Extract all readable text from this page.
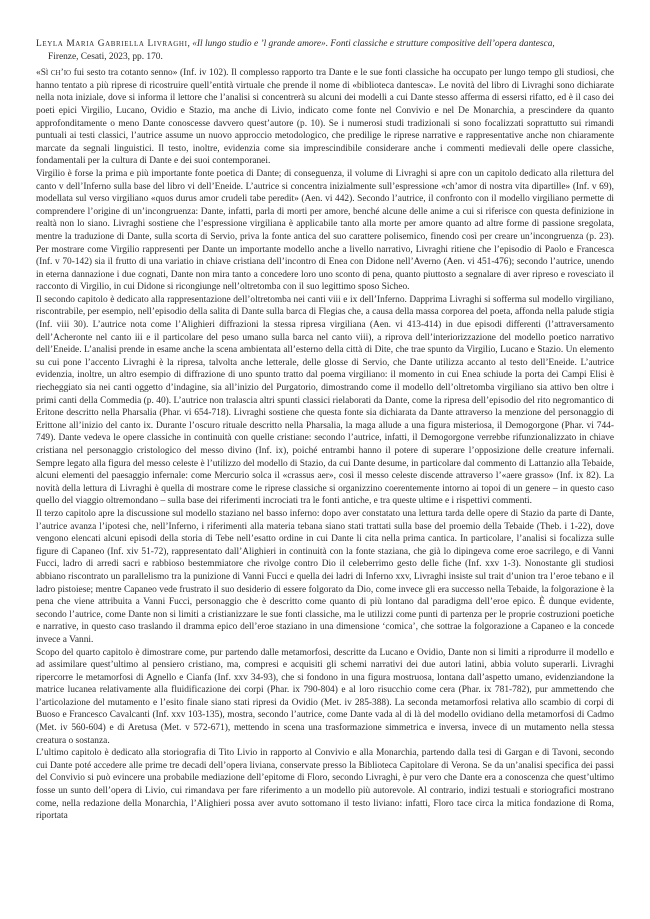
Leyla Maria Gabriella Livraghi, «Il lungo studio e ’l grande amore». Fonti classiche e strutture compositive dell’opera dantesca,
Firenze, Cesati, 2023, pp. 170.

«Sì ch’io fui sesto tra cotanto senno» (Inf. iv 102). Il complesso rapporto tra Dante e le sue fonti classiche ha occupato per lungo tempo gli studiosi, che hanno tentato a più riprese di ricostruire quell’entità virtuale che prende il nome di «biblioteca dantesca». Le novità del libro di Livraghi sono dichiarate nella nota iniziale, dove si informa il lettore che l’analisi si concentrerà su alcuni dei modelli a cui Dante stesso afferma di essersi rifatto, ed è il caso dei poeti epici Virgilio, Lucano, Ovidio e Stazio, ma anche di Livio, indicato come fonte nel Convivio e nel De Monarchia, a prescindere da quanto approfonditamente o meno Dante conoscesse davvero quest’autore (p. 10). Se i numerosi studi tradizionali si sono focalizzati soprattutto sui rimandi puntuali ai testi classici, l’autrice assume un nuovo approccio metodologico, che predilige le riprese narrative e rappresentative anche non chiaramente marcate da segnali linguistici. Il testo, inoltre, evidenzia come sia imprescindibile considerare anche i commenti medievali delle opere classiche, fondamentali per la cultura di Dante e dei suoi contemporanei.

Virgilio è forse la prima e più importante fonte poetica di Dante; di conseguenza, il volume di Livraghi si apre con un capitolo dedicato alla rilettura del canto v dell’Inferno sulla base del libro vi dell’Eneide. L’autrice si concentra inizialmente sull’espressione «ch’amor di nostra vita dipartille» (Inf. v 69), modellata sul verso virgiliano «quos durus amor crudeli tabe peredit» (Aen. vi 442). Secondo l’autrice, il confronto con il modello virgiliano permette di comprendere l’origine di un’incongruenza: Dante, infatti, parla di morti per amore, benché alcune delle anime a cui si riferisce con questa definizione in realtà non lo siano. Livraghi sostiene che l’espressione virgiliana è applicabile tanto alla morte per amore quanto ad altre forme di passione sregolata, mentre la traduzione di Dante, sulla scorta di Servio, priva la fonte antica del suo carattere polisemico, finendo così per creare un’incongruenza (p. 23). Per mostrare come Virgilio rappresenti per Dante un importante modello anche a livello narrativo, Livraghi ritiene che l’episodio di Paolo e Francesca (Inf. v 70-142) sia il frutto di una variatio in chiave cristiana dell’incontro di Enea con Didone nell’Averno (Aen. vi 451-476); secondo l’autrice, unendo in eterna dannazione i due cognati, Dante non mira tanto a concedere loro uno sconto di pena, quanto piuttosto a segnalare di aver ripreso e rovesciato il racconto di Virgilio, in cui Didone si ricongiunge nell’oltretomba con il suo legittimo sposo Sicheo.

Il secondo capitolo è dedicato alla rappresentazione dell’oltretomba nei canti viii e ix dell’Inferno. Dapprima Livraghi si sofferma sul modello virgiliano, riscontrabile, per esempio, nell’episodio della salita di Dante sulla barca di Flegias che, a causa della massa corporea del poeta, affonda nella palude stigia (Inf. viii 30). L’autrice nota come l’Alighieri diffrazioni la stessa ripresa virgiliana (Aen. vi 413-414) in due episodi differenti (l’attraversamento dell’Acheronte nel canto iii e il particolare del peso umano sulla barca nel canto viii), a riprova dell’interiorizzazione del modello poetico narrativo dell’Eneide. L’analisi prende in esame anche la scena ambientata all’esterno della città di Dite, che trae spunto da Virgilio, Lucano e Stazio. Un elemento su cui pone l’accento Livraghi è la ripresa, talvolta anche letterale, delle glosse di Servio, che Dante utilizza accanto al testo dell’Eneide. L’autrice evidenzia, inoltre, un altro esempio di diffrazione di uno spunto tratto dal poema virgiliano: il momento in cui Enea schiude la porta dei Campi Elisi è riecheggiato sia nei canti oggetto d’indagine, sia all’inizio del Purgatorio, dimostrando come il modello dell’oltretomba virgiliano sia attivo ben oltre i primi canti della Commedia (p. 40). L’autrice non tralascia altri spunti classici rielaborati da Dante, come la ripresa dell’episodio del rito negromantico di Eritone descritto nella Pharsalia (Phar. vi 654-718). Livraghi sostiene che questa fonte sia dichiarata da Dante attraverso la menzione del personaggio di Erittone all’inizio del canto ix. Durante l’oscuro rituale descritto nella Pharsalia, la maga allude a una figura misteriosa, il Demogorgone (Phar. vi 744-749). Dante vedeva le opere classiche in continuità con quelle cristiane: secondo l’autrice, infatti, il Demogorgone verrebbe rifunzionalizzato in chiave cristiana nel personaggio cristologico del messo divino (Inf. ix), poiché entrambi hanno il potere di superare l’opposizione delle creature infernali. Sempre legato alla figura del messo celeste è l’utilizzo del modello di Stazio, da cui Dante desume, in particolare dal commento di Lattanzio alla Tebaide, alcuni elementi del paesaggio infernale: come Mercurio solca il «crassus aer», così il messo celeste discende attraverso l’«aere grasso» (Inf. ix 82). La novità della lettura di Livraghi è quella di mostrare come le riprese classiche si organizzino coerentemente intorno ai topoi di un genere – in questo caso quello del viaggio oltremondano – sulla base dei riferimenti incrociati tra le fonti antiche, e tra queste ultime e i rispettivi commenti.

Il terzo capitolo apre la discussione sul modello staziano nel basso inferno: dopo aver constatato una lettura tarda delle opere di Stazio da parte di Dante, l’autrice avanza l’ipotesi che, nell’Inferno, i riferimenti alla materia tebana siano stati trattati sulla base del proemio della Tebaide (Theb. i 1-22), dove vengono elencati alcuni episodi della storia di Tebe nell’esatto ordine in cui Dante li cita nella prima cantica. In particolare, l’analisi si focalizza sulle figure di Capaneo (Inf. xiv 51-72), rappresentato dall’Alighieri in continuità con la fonte staziana, che già lo dipingeva come eroe sacrilego, e di Vanni Fucci, ladro di arredi sacri e rabbioso bestemmiatore che rivolge contro Dio il celeberrimo gesto delle fiche (Inf. xxv 1-3). Nonostante gli studiosi abbiano riscontrato un parallelismo tra la punizione di Vanni Fucci e quella dei ladri di Inferno xxv, Livraghi insiste sul trait d’union tra l’eroe tebano e il ladro pistoiese; mentre Capaneo vede frustrato il suo desiderio di essere folgorato da Dio, come invece gli era successo nella Tebaide, la folgorazione è la pena che viene attribuita a Vanni Fucci, personaggio che è descritto come quanto di più lontano dal paradigma dell’eroe epico. È dunque evidente, secondo l’autrice, come Dante non si limiti a cristianizzare le sue fonti classiche, ma le utilizzi come punti di partenza per le proprie costruzioni poetiche e narrative, in questo caso traslando il dramma epico dell’eroe staziano in una dimensione ‘comica’, che sottrae la folgorazione a Capaneo e la concede invece a Vanni.

Scopo del quarto capitolo è dimostrare come, pur partendo dalle metamorfosi, descritte da Lucano e Ovidio, Dante non si limiti a riprodurre il modello e ad assimilare quest’ultimo al pensiero cristiano, ma, compresi e acquisiti gli schemi narrativi dei due autori latini, abbia voluto superarli. Livraghi ripercorre le metamorfosi di Agnello e Cianfa (Inf. xxv 34-93), che si fondono in una figura mostruosa, lontana dall’aspetto umano, evidenziandone la matrice lucanea relativamente alla fluidificazione dei corpi (Phar. ix 790-804) e al loro risucchio come cera (Phar. ix 781-782), pur ammettendo che l’articolazione del mutamento e l’esito finale siano stati ripresi da Ovidio (Met. iv 285-388). La seconda metamorfosi relativa allo scambio di corpi di Buoso e Francesco Cavalcanti (Inf. xxv 103-135), mostra, secondo l’autrice, come Dante vada al di là del modello ovidiano della metamorfosi di Cadmo (Met. iv 560-604) e di Aretusa (Met. v 572-671), mettendo in scena una trasformazione simmetrica e inversa, invece di un mutamento nella stessa creatura o sostanza.

L’ultimo capitolo è dedicato alla storiografia di Tito Livio in rapporto al Convivio e alla Monarchia, partendo dalla tesi di Gargan e di Tavoni, secondo cui Dante poté accedere alle prime tre decadi dell’opera liviana, conservate presso la Biblioteca Capitolare di Verona. Se da un’analisi specifica dei passi del Convivio si può evincere una probabile mediazione dell’epitome di Floro, secondo Livraghi, è pur vero che Dante era a conoscenza che quest’ultimo fosse un sunto dell’opera di Livio, cui rimandava per fare riferimento a un modello più autorevole. Al contrario, indizi testuali e storiografici mostrano come, nella redazione della Monarchia, l’Alighieri possa aver avuto sottomano il testo liviano: infatti, Floro tace circa la mitica fondazione di Roma, riportata
